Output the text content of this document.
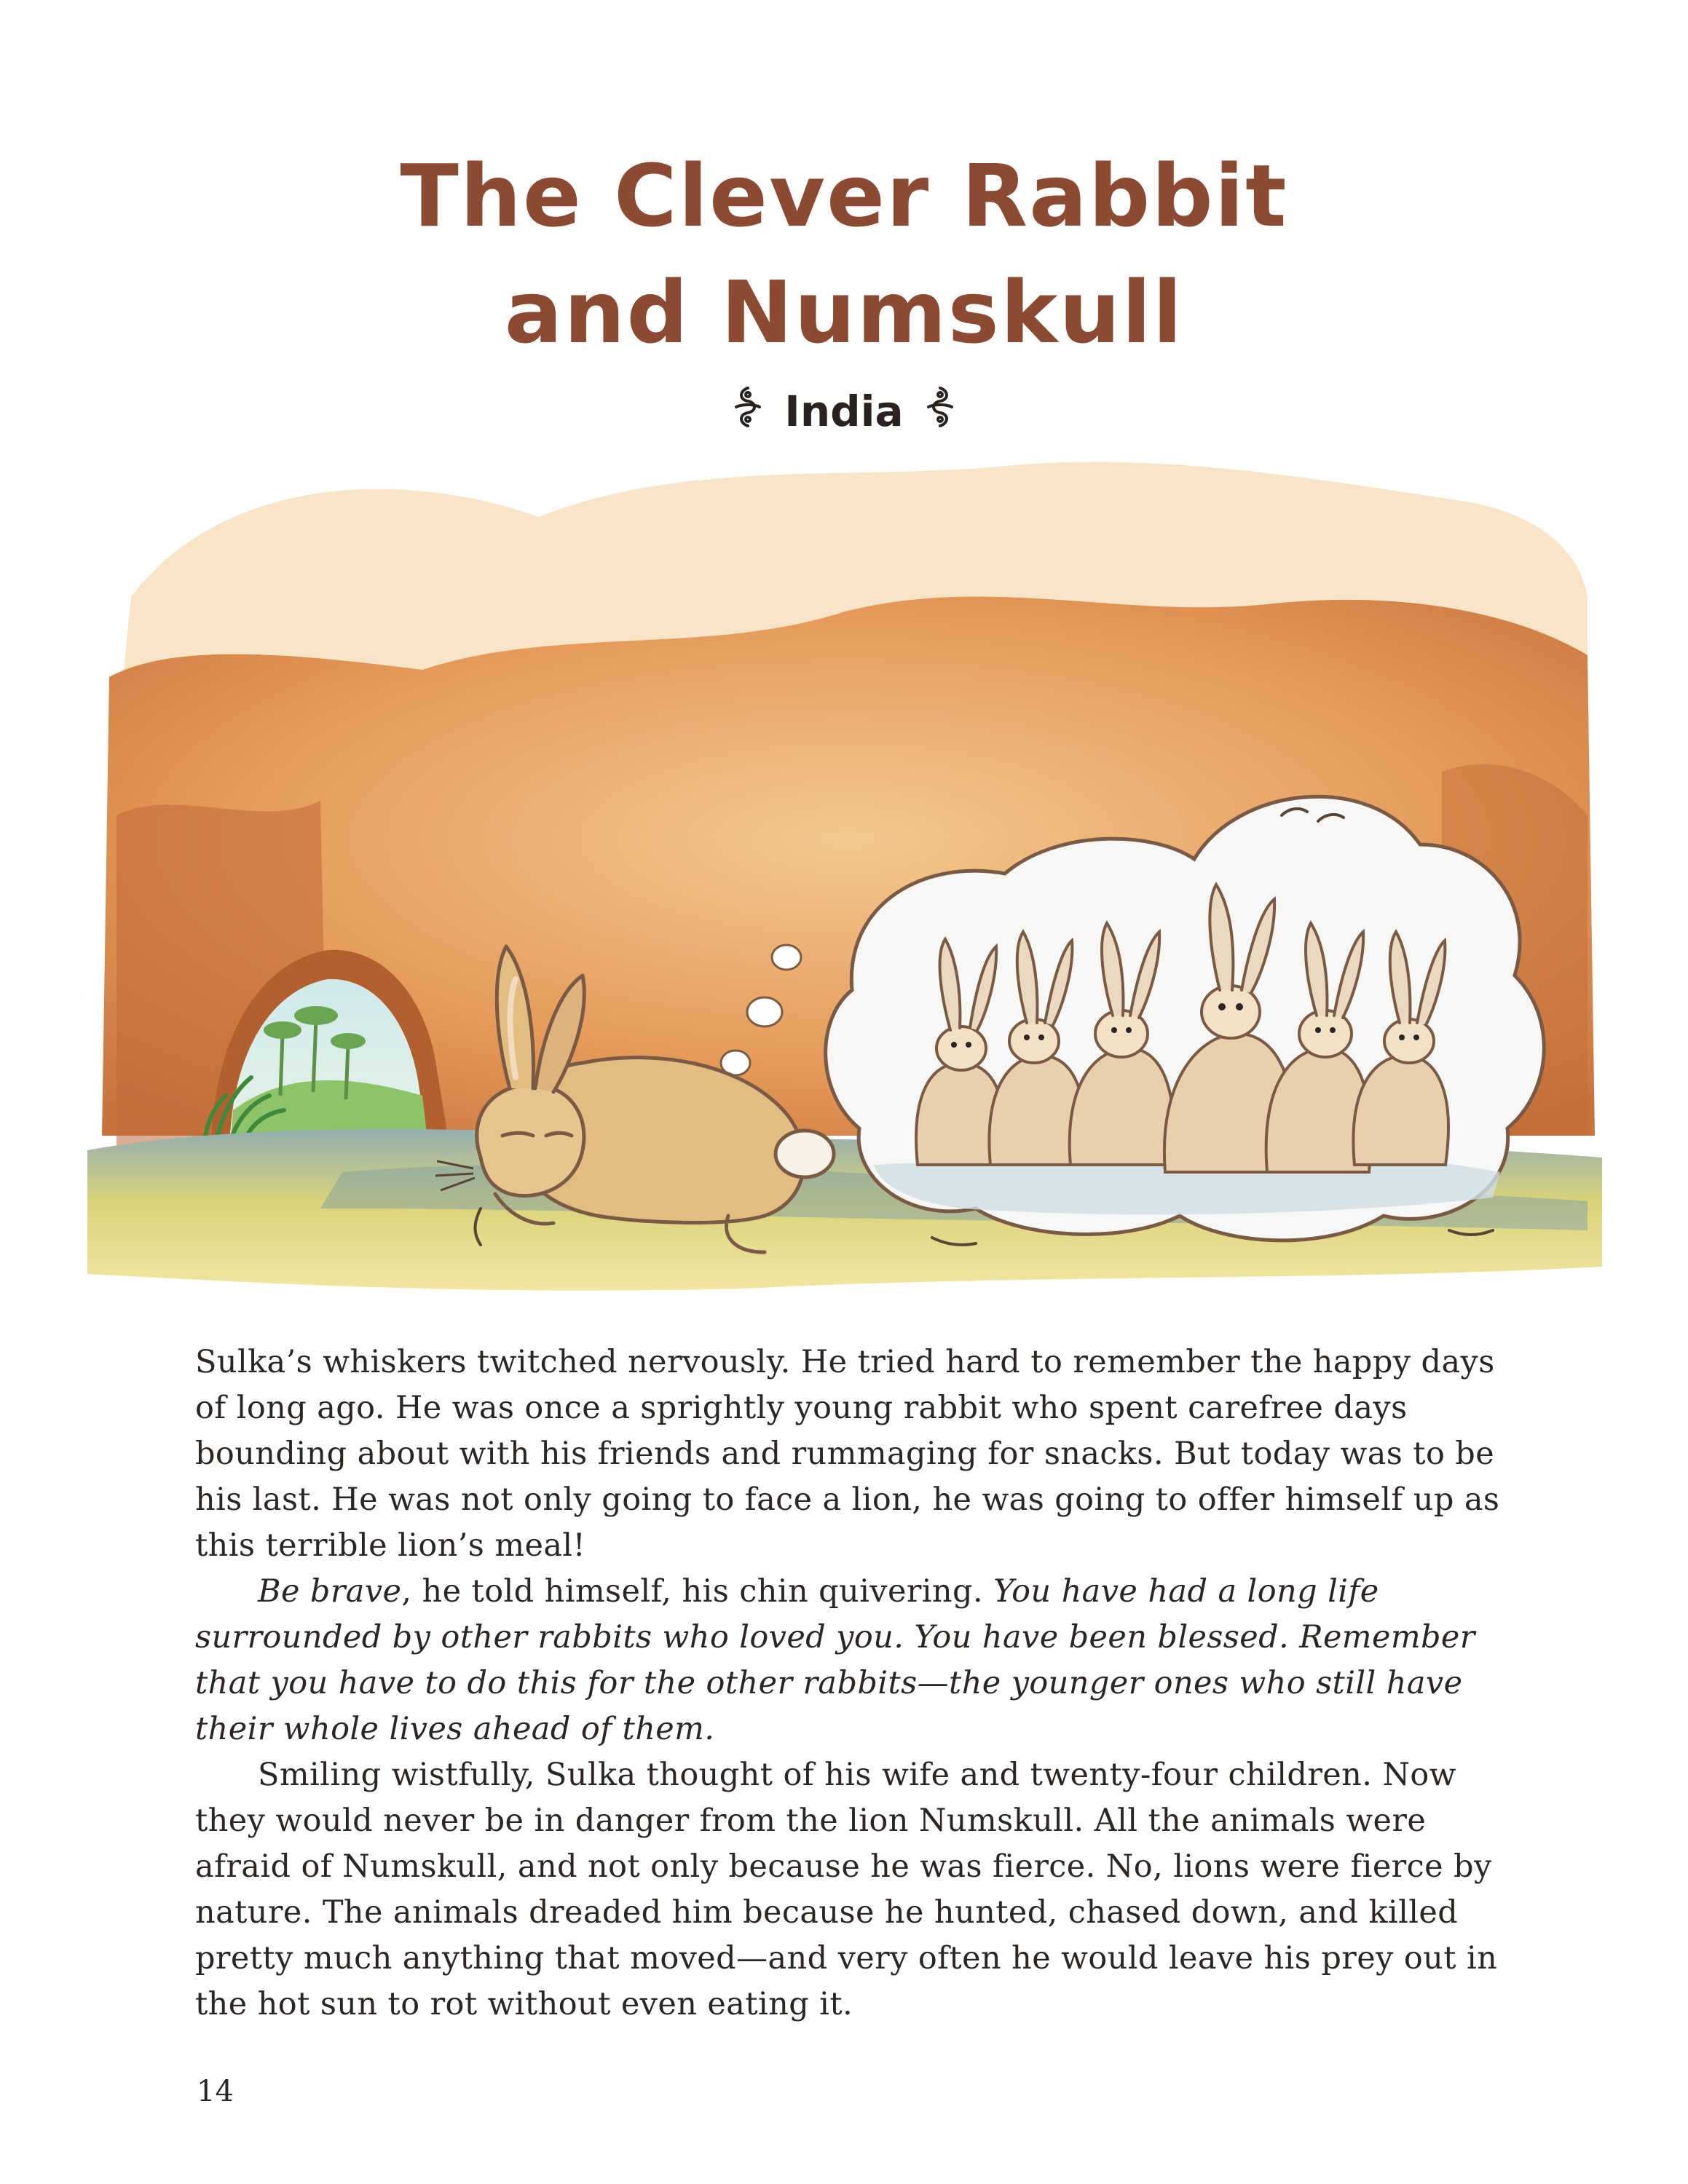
The Clever Rabbit
and Numskull
India

Sulka’s whiskers twitched nervously. He tried hard to remember the happy days of long ago. He was once a sprightly young rabbit who spent carefree days bounding about with his friends and rummaging for snacks. But today was to be his last. He was not only going to face a lion, he was going to offer himself up as this terrible lion’s meal!

Be brave, he told himself, his chin quivering. You have had a long life surrounded by other rabbits who loved you. You have been blessed. Remember that you have to do this for the other rabbits—the younger ones who still have their whole lives ahead of them.

Smiling wistfully, Sulka thought of his wife and twenty-four children. Now they would never be in danger from the lion Numskull. All the animals were afraid of Numskull, and not only because he was fierce. No, lions were fierce by nature. The animals dreaded him because he hunted, chased down, and killed pretty much anything that moved—and very often he would leave his prey out in the hot sun to rot without even eating it.

14
